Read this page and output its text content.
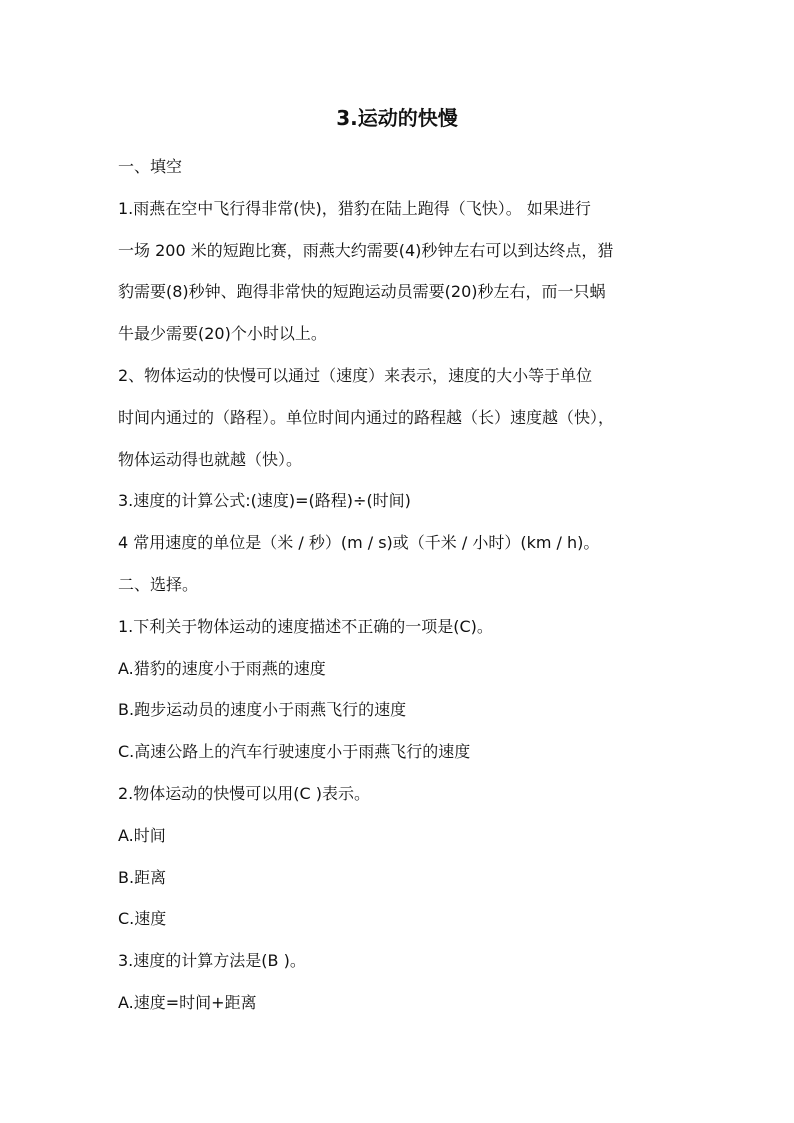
3.运动的快慢
一、填空
1.雨燕在空中飞行得非常(快)，猎豹在陆上跑得（飞快）。 如果进行
一场 200 米的短跑比赛，雨燕大约需要(4)秒钟左右可以到达终点，猎
豹需要(8)秒钟、跑得非常快的短跑运动员需要(20)秒左右，而一只蜗
牛最少需要(20)个小时以上。
2、物体运动的快慢可以通过（速度）来表示，速度的大小等于单位
时间内通过的（路程）。单位时间内通过的路程越（长）速度越（快），
物体运动得也就越（快）。
3.速度的计算公式:(速度)=(路程)÷(时间)
4 常用速度的单位是（米 / 秒）(m / s)或（千米 / 小时）(km / h)。
二、选择。
1.下利关于物体运动的速度描述不正确的一项是(C)。
A.猎豹的速度小于雨燕的速度
B.跑步运动员的速度小于雨燕飞行的速度
C.高速公路上的汽车行驶速度小于雨燕飞行的速度
2.物体运动的快慢可以用(C )表示。
A.时间
B.距离
C.速度
3.速度的计算方法是(B )。
A.速度=时间+距离
